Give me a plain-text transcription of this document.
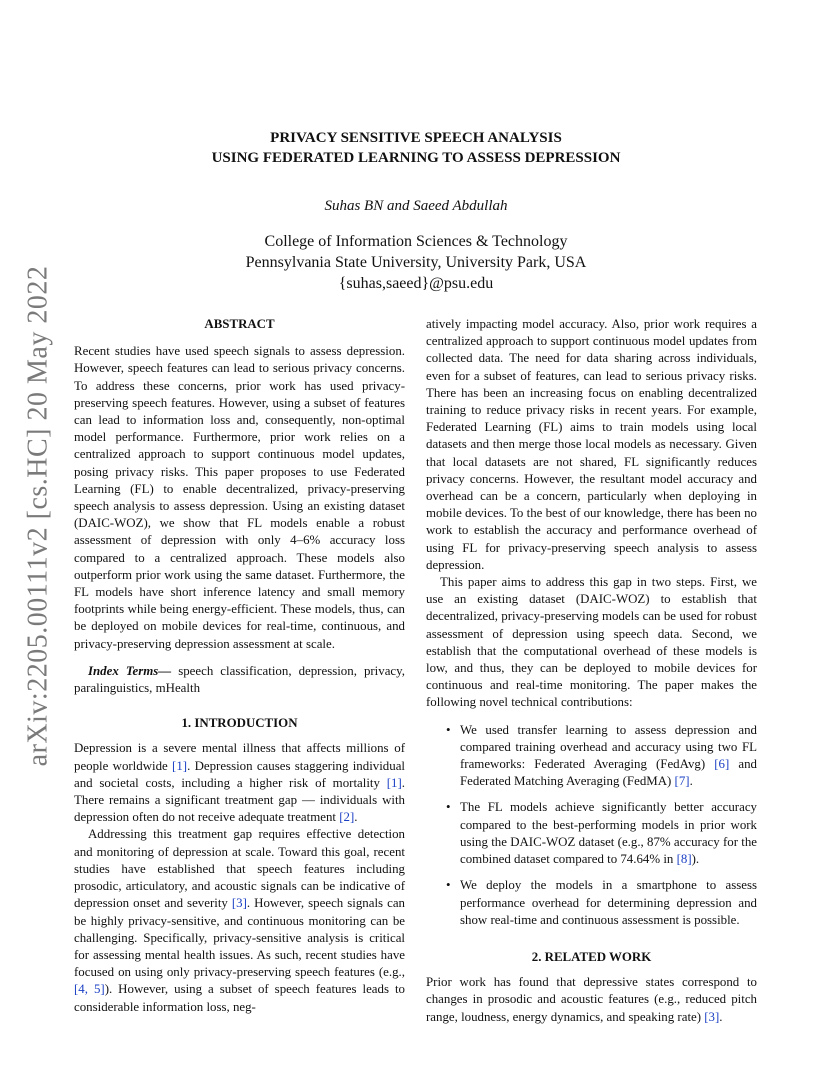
arXiv:2205.00111v2 [cs.HC] 20 May 2022
PRIVACY SENSITIVE SPEECH ANALYSIS
USING FEDERATED LEARNING TO ASSESS DEPRESSION
Suhas BN and Saeed Abdullah
College of Information Sciences & Technology
Pennsylvania State University, University Park, USA
{suhas,saeed}@psu.edu
ABSTRACT

Recent studies have used speech signals to assess depression. However, speech features can lead to serious privacy concerns. To address these concerns, prior work has used privacy-preserving speech features. However, using a subset of features can lead to information loss and, consequently, non-optimal model performance. Furthermore, prior work relies on a centralized approach to support continuous model updates, posing privacy risks. This paper proposes to use Federated Learning (FL) to enable decentralized, privacy-preserving speech analysis to assess depression. Using an existing dataset (DAIC-WOZ), we show that FL models enable a robust assessment of depression with only 4–6% accuracy loss compared to a centralized approach. These models also outperform prior work using the same dataset. Furthermore, the FL models have short inference latency and small memory footprints while being energy-efficient. These models, thus, can be deployed on mobile devices for real-time, continuous, and privacy-preserving depression assessment at scale.

Index Terms— speech classification, depression, privacy, paralinguistics, mHealth

1. INTRODUCTION

Depression is a severe mental illness that affects millions of people worldwide [1]. Depression causes staggering individual and societal costs, including a higher risk of mortality [1]. There remains a significant treatment gap — individuals with depression often do not receive adequate treatment [2].

Addressing this treatment gap requires effective detection and monitoring of depression at scale. Toward this goal, recent studies have established that speech features including prosodic, articulatory, and acoustic signals can be indicative of depression onset and severity [3]. However, speech signals can be highly privacy-sensitive, and continuous monitoring can be challenging. Specifically, privacy-sensitive analysis is critical for assessing mental health issues. As such, recent studies have focused on using only privacy-preserving speech features (e.g., [4, 5]). However, using a subset of speech features leads to considerable information loss, neg-

atively impacting model accuracy. Also, prior work requires a centralized approach to support continuous model updates from collected data. The need for data sharing across individuals, even for a subset of features, can lead to serious privacy risks. There has been an increasing focus on enabling decentralized training to reduce privacy risks in recent years. For example, Federated Learning (FL) aims to train models using local datasets and then merge those local models as necessary. Given that local datasets are not shared, FL significantly reduces privacy concerns. However, the resultant model accuracy and overhead can be a concern, particularly when deploying in mobile devices. To the best of our knowledge, there has been no work to establish the accuracy and performance overhead of using FL for privacy-preserving speech analysis to assess depression.

This paper aims to address this gap in two steps. First, we use an existing dataset (DAIC-WOZ) to establish that decentralized, privacy-preserving models can be used for robust assessment of depression using speech data. Second, we establish that the computational overhead of these models is low, and thus, they can be deployed to mobile devices for continuous and real-time monitoring. The paper makes the following novel technical contributions:

• We used transfer learning to assess depression and compared training overhead and accuracy using two FL frameworks: Federated Averaging (FedAvg) [6] and Federated Matching Averaging (FedMA) [7].
• The FL models achieve significantly better accuracy compared to the best-performing models in prior work using the DAIC-WOZ dataset (e.g., 87% accuracy for the combined dataset compared to 74.64% in [8]).
• We deploy the models in a smartphone to assess performance overhead for determining depression and show real-time and continuous assessment is possible.
2. RELATED WORK

Prior work has found that depressive states correspond to changes in prosodic and acoustic features (e.g., reduced pitch range, loudness, energy dynamics, and speaking rate) [3].
